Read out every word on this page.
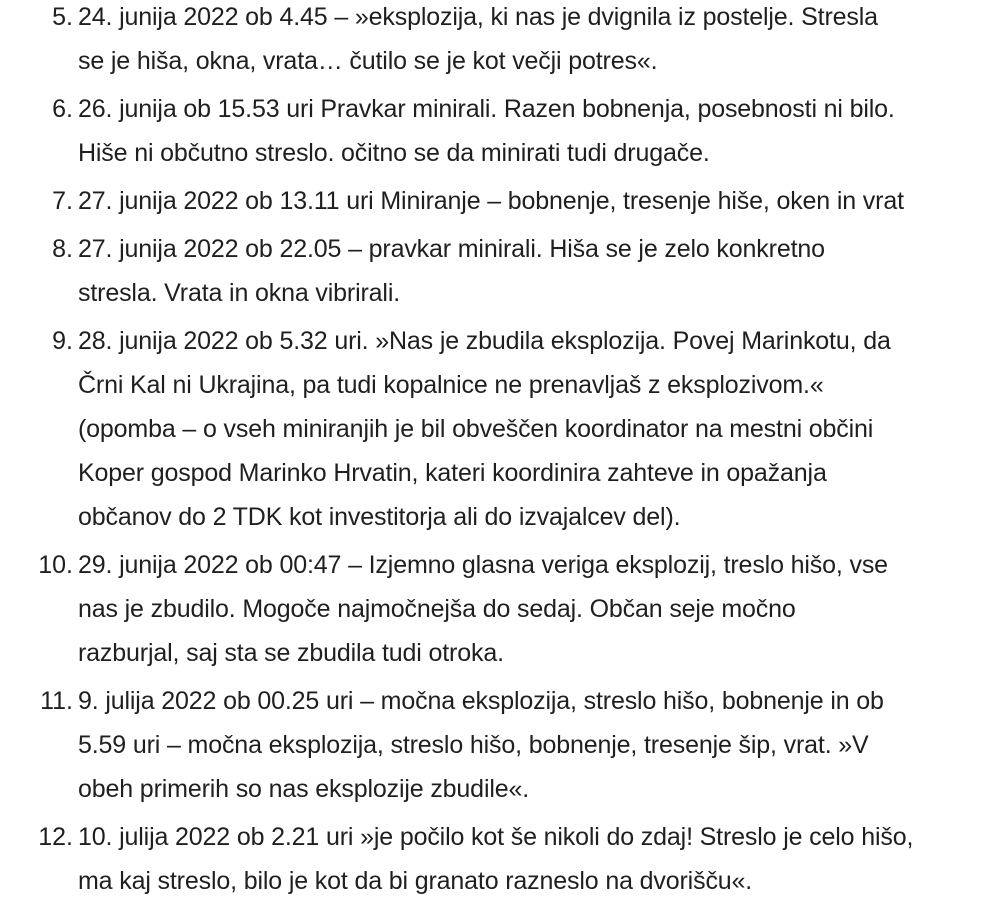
5. 24. junija 2022 ob 4.45 – »eksplozija, ki nas je dvignila iz postelje. Stresla
se je hiša, okna, vrata… čutilo se je kot večji potres«.
6. 26. junija ob 15.53 uri Pravkar minirali. Razen bobnenja, posebnosti ni bilo.
Hiše ni občutno streslo. očitno se da minirati tudi drugače.
7. 27. junija 2022 ob 13.11 uri Miniranje – bobnenje, tresenje hiše, oken in vrat
8. 27. junija 2022 ob 22.05 – pravkar minirali. Hiša se je zelo konkretno
stresla. Vrata in okna vibrirali.
9. 28. junija 2022 ob 5.32 uri. »Nas je zbudila eksplozija. Povej Marinkotu, da
Črni Kal ni Ukrajina, pa tudi kopalnice ne prenavljaš z eksplozivom.«
(opomba – o vseh miniranjih je bil obveščen koordinator na mestni občini
Koper gospod Marinko Hrvatin, kateri koordinira zahteve in opažanja
občanov do 2 TDK kot investitorja ali do izvajalcev del).
10. 29. junija 2022 ob 00:47 – Izjemno glasna veriga eksplozij, treslo hišo, vse
nas je zbudilo. Mogoče najmočnejša do sedaj. Občan seje močno
razburjal, saj sta se zbudila tudi otroka.
11. 9. julija 2022 ob 00.25 uri – močna eksplozija, streslo hišo, bobnenje in ob
5.59 uri – močna eksplozija, streslo hišo, bobnenje, tresenje šip, vrat. »V
obeh primerih so nas eksplozije zbudile«.
12. 10. julija 2022 ob 2.21 uri »je počilo kot še nikoli do zdaj! Streslo je celo hišo,
ma kaj streslo, bilo je kot da bi granato razneslo na dvorišču«.
